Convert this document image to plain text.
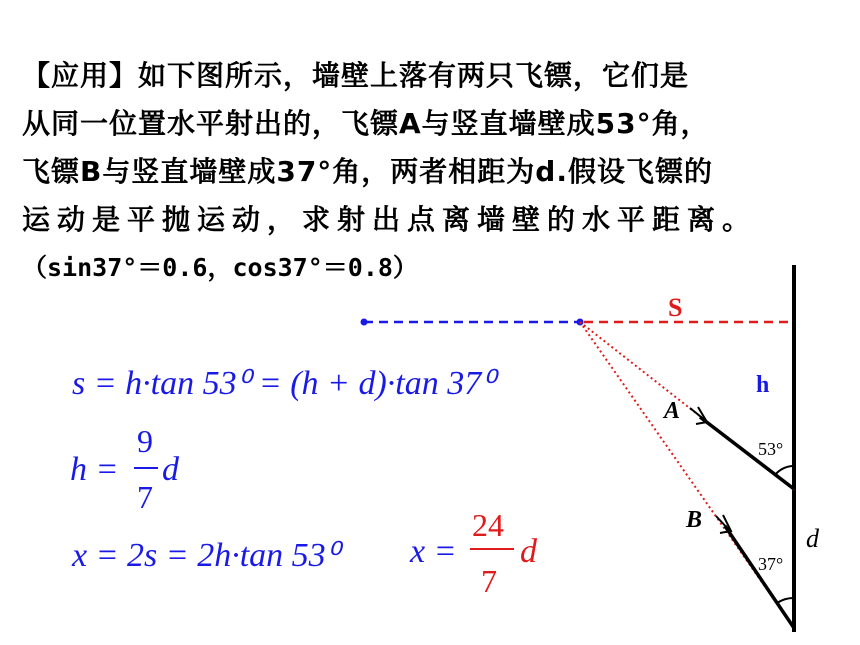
【应用】如下图所示，墙壁上落有两只飞镖，它们是
从同一位置水平射出的，飞镖A与竖直墙壁成53°角，
飞镖B与竖直墙壁成37°角，两者相距为d.假设飞镖的
运动是平抛运动，求射出点离墙壁的水平距离。
（sin37°＝0.6，cos37°＝0.8）
S
h
A
B
d
53°
37°
s = h·tan 53⁰ = (h + d)·tan 37⁰
h =
9
7
d
x = 2s = 2h·tan 53⁰ x =
24
7
d
